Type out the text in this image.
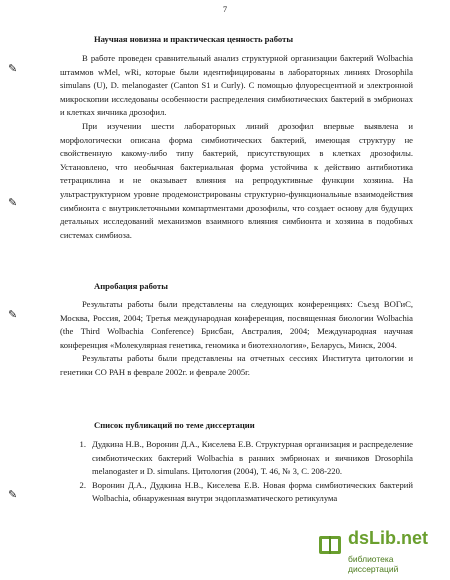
7
Научная новизна и практическая ценность работы

В работе проведен сравнительный анализ структурной организации бактерий Wolbachia штаммов wMel, wRi, которые были идентифицированы в лабораторных линиях Drosophila simulans (U), D. melanogaster (Canton S1 и Curly). С помощью флуоресцентной и электронной микроскопии исследованы особенности распределения симбиотических бактерий в эмбрионах и клетках яичника дрозофил.

При изучении шести лабораторных линий дрозофил впервые выявлена и морфологически описана форма симбиотических бактерий, имеющая структуру не свойственную какому-либо типу бактерий, присутствующих в клетках дрозофилы. Установлено, что необычная бактериальная форма устойчива к действию антибиотика тетрациклина и не оказывает влияния на репродуктивные функции хозяина. На ультраструктурном уровне продемонстрированы структурно-функциональные взаимодействия симбионта с внутриклеточными компартментами дрозофилы, что создает основу для будущих детальных исследований механизмов взаимного влияния симбионта и хозяина в подобных системах симбиоза.

Апробация работы

Результаты работы были представлены на следующих конференциях: Съезд ВОГиС, Москва, Россия, 2004; Третья международная конференция, посвященная биологии Wolbachia (the Third Wolbachia Conference) Брисбан, Австралия, 2004; Международная научная конференция «Молекулярная генетика, геномика и биотехнология», Беларусь, Минск, 2004.

Результаты работы были представлены на отчетных сессиях Института цитологии и генетики СО РАН в феврале 2002г. и феврале 2005г.

Список публикаций по теме диссертации
1. Дудкина Н.В., Воронин Д.А., Киселева Е.В. Структурная организация и распределение симбиотических бактерий Wolbachia в ранних эмбрионах и яичников Drosophila melanogaster и D. simulans. Цитология (2004), Т. 46, № 3, С. 208-220.
2. Воронин Д.А., Дудкина Н.В., Киселева Е.В. Новая форма симбиотических бактерий Wolbachia, обнаруженная внутри эндоплазматического ретикулума
✎
✎
✎
✎
dsLib.net
библиотека диссертаций
